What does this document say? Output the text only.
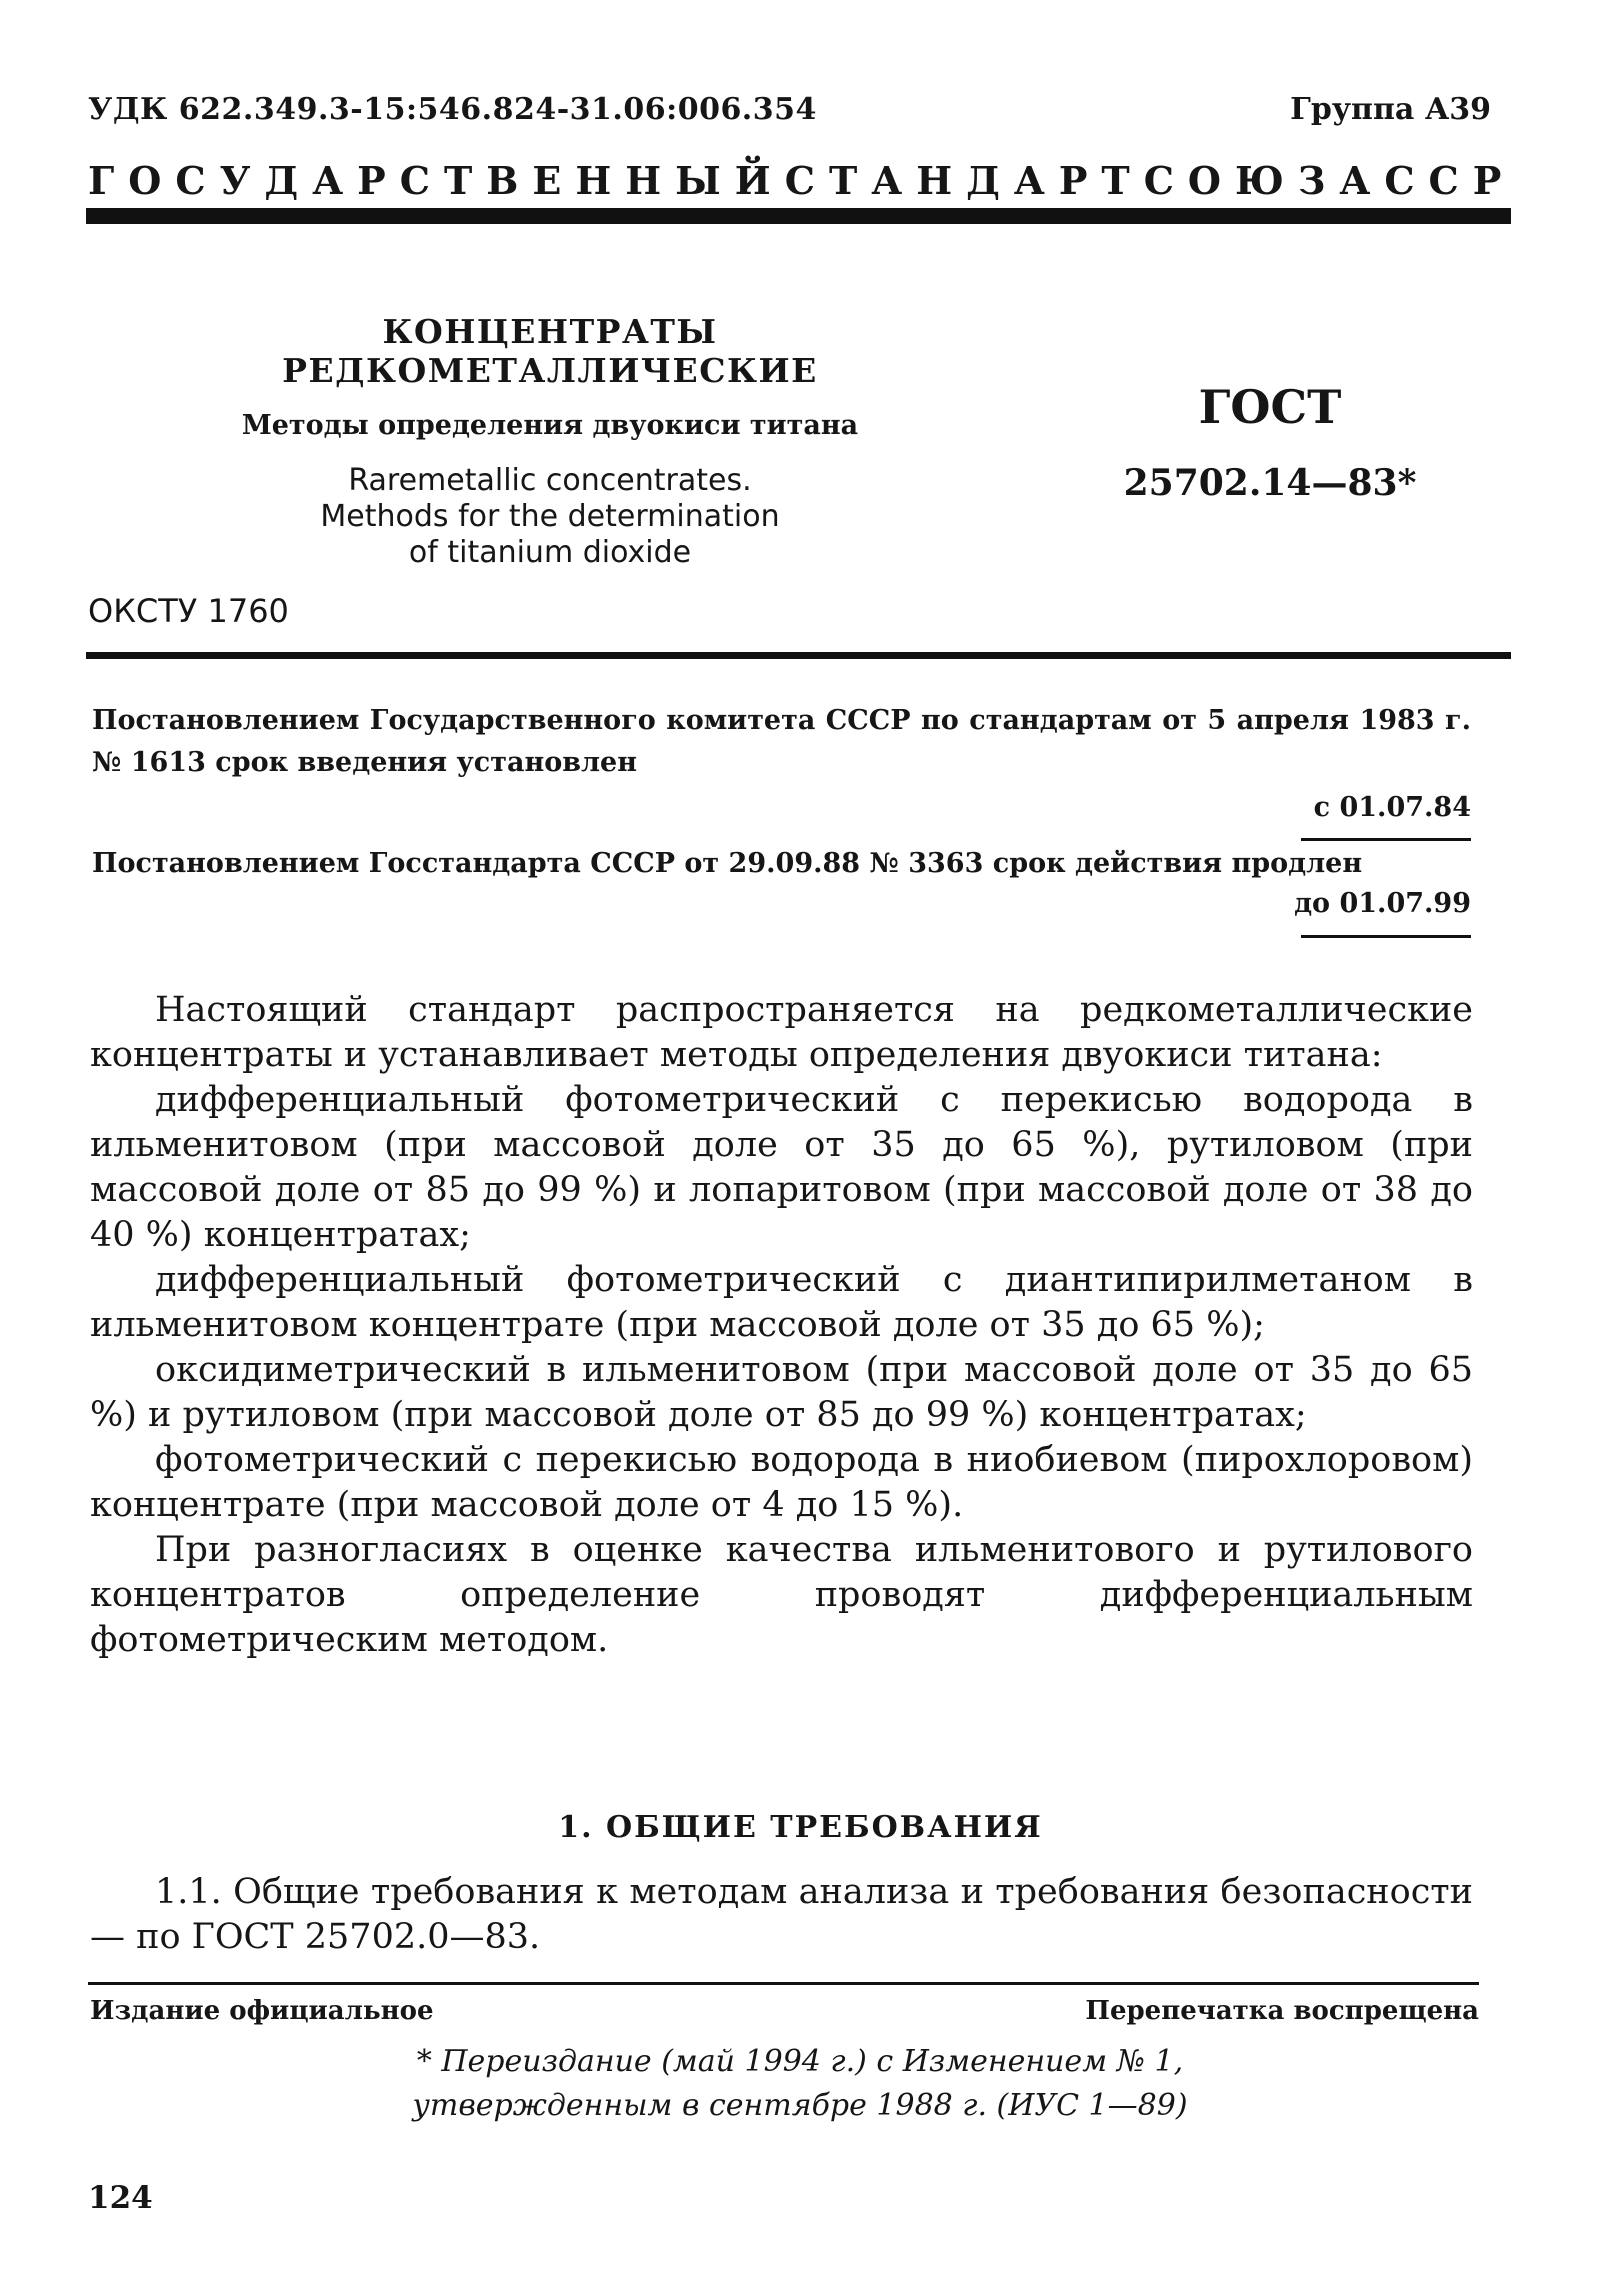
УДК 622.349.3-15:546.824-31.06:006.354	Группа А39
ГОСУДАРСТВЕННЫЙ СТАНДАРТ СОЮЗА ССР
КОНЦЕНТРАТЫ РЕДКОМЕТАЛЛИЧЕСКИЕ
Методы определения двуокиси титана
Raremetallic concentrates.
Methods for the determination
of titanium dioxide
ГОСТ
25702.14—83*
ОКСТУ 1760
Постановлением Государственного комитета СССР по стандартам от 5 апреля 1983 г. № 1613 срок введения установлен
с 01.07.84
Постановлением Госстандарта СССР от 29.09.88 № 3363 срок действия продлен
до 01.07.99
Настоящий стандарт распространяется на редкометаллические концентраты и устанавливает методы определения двуокиси титана:
дифференциальный фотометрический с перекисью водорода в ильменитовом (при массовой доле от 35 до 65 %), рутиловом (при массовой доле от 85 до 99 %) и лопаритовом (при массовой доле от 38 до 40 %) концентратах;
дифференциальный фотометрический с диантипирилметаном в ильменитовом концентрате (при массовой доле от 35 до 65 %);
оксидиметрический в ильменитовом (при массовой доле от 35 до 65 %) и рутиловом (при массовой доле от 85 до 99 %) концентратах;
фотометрический с перекисью водорода в ниобиевом (пирохлоровом) концентрате (при массовой доле от 4 до 15 %).
При разногласиях в оценке качества ильменитового и рутилового концентратов определение проводят дифференциальным фотометрическим методом.
1. ОБЩИЕ ТРЕБОВАНИЯ
1.1. Общие требования к методам анализа и требования безопасности — по ГОСТ 25702.0—83.
Издание официальное	Перепечатка воспрещена
* Переиздание (май 1994 г.) с Изменением № 1,
утвержденным в сентябре 1988 г. (ИУС 1—89)
124
